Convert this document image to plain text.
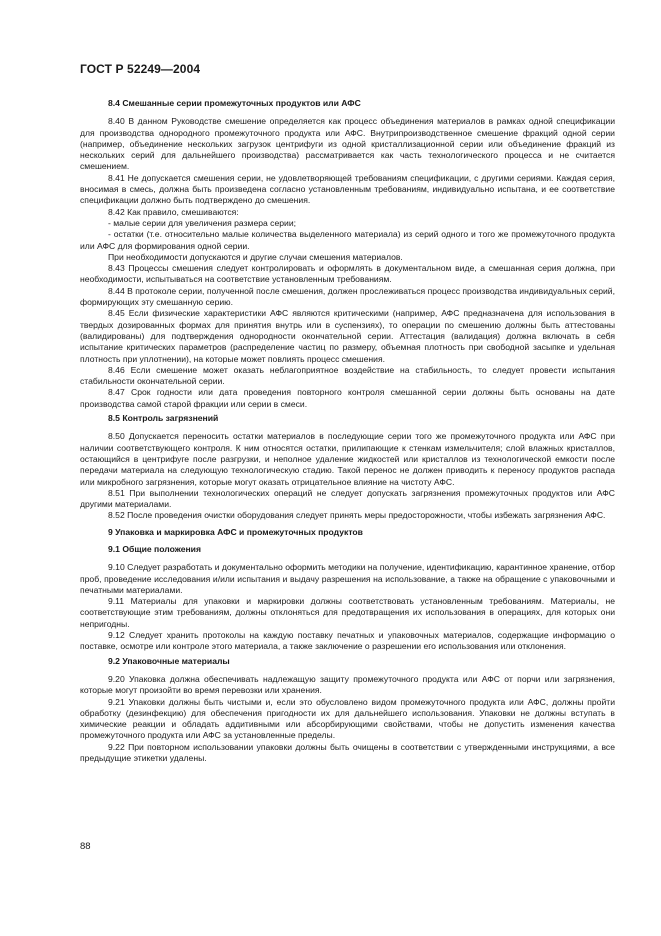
ГОСТ Р 52249—2004
8.4 Смешанные серии промежуточных продуктов или АФС

8.40 В данном Руководстве смешение определяется как процесс объединения материалов в рамках одной спецификации для производства однородного промежуточного продукта или АФС. Внутрипроизводственное смешение фракций одной серии (например, объединение нескольких загрузок центрифуги из одной кристаллизационной серии или объединение фракций из нескольких серий для дальнейшего производства) рассматривается как часть технологического процесса и не считается смешением.

8.41 Не допускается смешения серии, не удовлетворяющей требованиям спецификации, с другими сериями. Каждая серия, вносимая в смесь, должна быть произведена согласно установленным требованиям, индивидуально испытана, и ее соответствие спецификации должно быть подтверждено до смешения.

8.42 Как правило, смешиваются:

- малые серии для увеличения размера серии;

- остатки (т.е. относительно малые количества выделенного материала) из серий одного и того же промежуточного продукта или АФС для формирования одной серии.

При необходимости допускаются и другие случаи смешения материалов.

8.43 Процессы смешения следует контролировать и оформлять в документальном виде, а смешанная серия должна, при необходимости, испытываться на соответствие установленным требованиям.

8.44 В протоколе серии, полученной после смешения, должен прослеживаться процесс производства индивидуальных серий, формирующих эту смешанную серию.

8.45 Если физические характеристики АФС являются критическими (например, АФС предназначена для использования в твердых дозированных формах для принятия внутрь или в суспензиях), то операции по смешению должны быть аттестованы (валидированы) для подтверждения однородности окончательной серии. Аттестация (валидация) должна включать в себя испытание критических параметров (распределение частиц по размеру, объемная плотность при свободной засыпке и удельная плотность при уплотнении), на которые может повлиять процесс смешения.

8.46 Если смешение может оказать неблагоприятное воздействие на стабильность, то следует провести испытания стабильности окончательной серии.

8.47 Срок годности или дата проведения повторного контроля смешанной серии должны быть основаны на дате производства самой старой фракции или серии в смеси.

8.5 Контроль загрязнений

8.50 Допускается переносить остатки материалов в последующие серии того же промежуточного продукта или АФС при наличии соответствующего контроля. К ним относятся остатки, прилипающие к стенкам измельчителя; слой влажных кристаллов, остающийся в центрифуге после разгрузки, и неполное удаление жидкостей или кристаллов из технологической емкости после передачи материала на следующую технологическую стадию. Такой перенос не должен приводить к переносу продуктов распада или микробного загрязнения, которые могут оказать отрицательное влияние на чистоту АФС.

8.51 При выполнении технологических операций не следует допускать загрязнения промежуточных продуктов или АФС другими материалами.

8.52 После проведения очистки оборудования следует принять меры предосторожности, чтобы избежать загрязнения АФС.

9 Упаковка и маркировка АФС и промежуточных продуктов
9.1 Общие положения

9.10 Следует разработать и документально оформить методики на получение, идентификацию, карантинное хранение, отбор проб, проведение исследования и/или испытания и выдачу разрешения на использование, а также на обращение с упаковочными и печатными материалами.

9.11 Материалы для упаковки и маркировки должны соответствовать установленным требованиям. Материалы, не соответствующие этим требованиям, должны отклоняться для предотвращения их использования в операциях, для которых они непригодны.

9.12 Следует хранить протоколы на каждую поставку печатных и упаковочных материалов, содержащие информацию о поставке, осмотре или контроле этого материала, а также заключение о разрешении его использования или отклонения.

9.2 Упаковочные материалы

9.20 Упаковка должна обеспечивать надлежащую защиту промежуточного продукта или АФС от порчи или загрязнения, которые могут произойти во время перевозки или хранения.

9.21 Упаковки должны быть чистыми и, если это обусловлено видом промежуточного продукта или АФС, должны пройти обработку (дезинфекцию) для обеспечения пригодности их для дальнейшего использования. Упаковки не должны вступать в химические реакции и обладать аддитивными или абсорбирующими свойствами, чтобы не допустить изменения качества промежуточного продукта или АФС за установленные пределы.

9.22 При повторном использовании упаковки должны быть очищены в соответствии с утвержденными инструкциями, а все предыдущие этикетки удалены.

88
